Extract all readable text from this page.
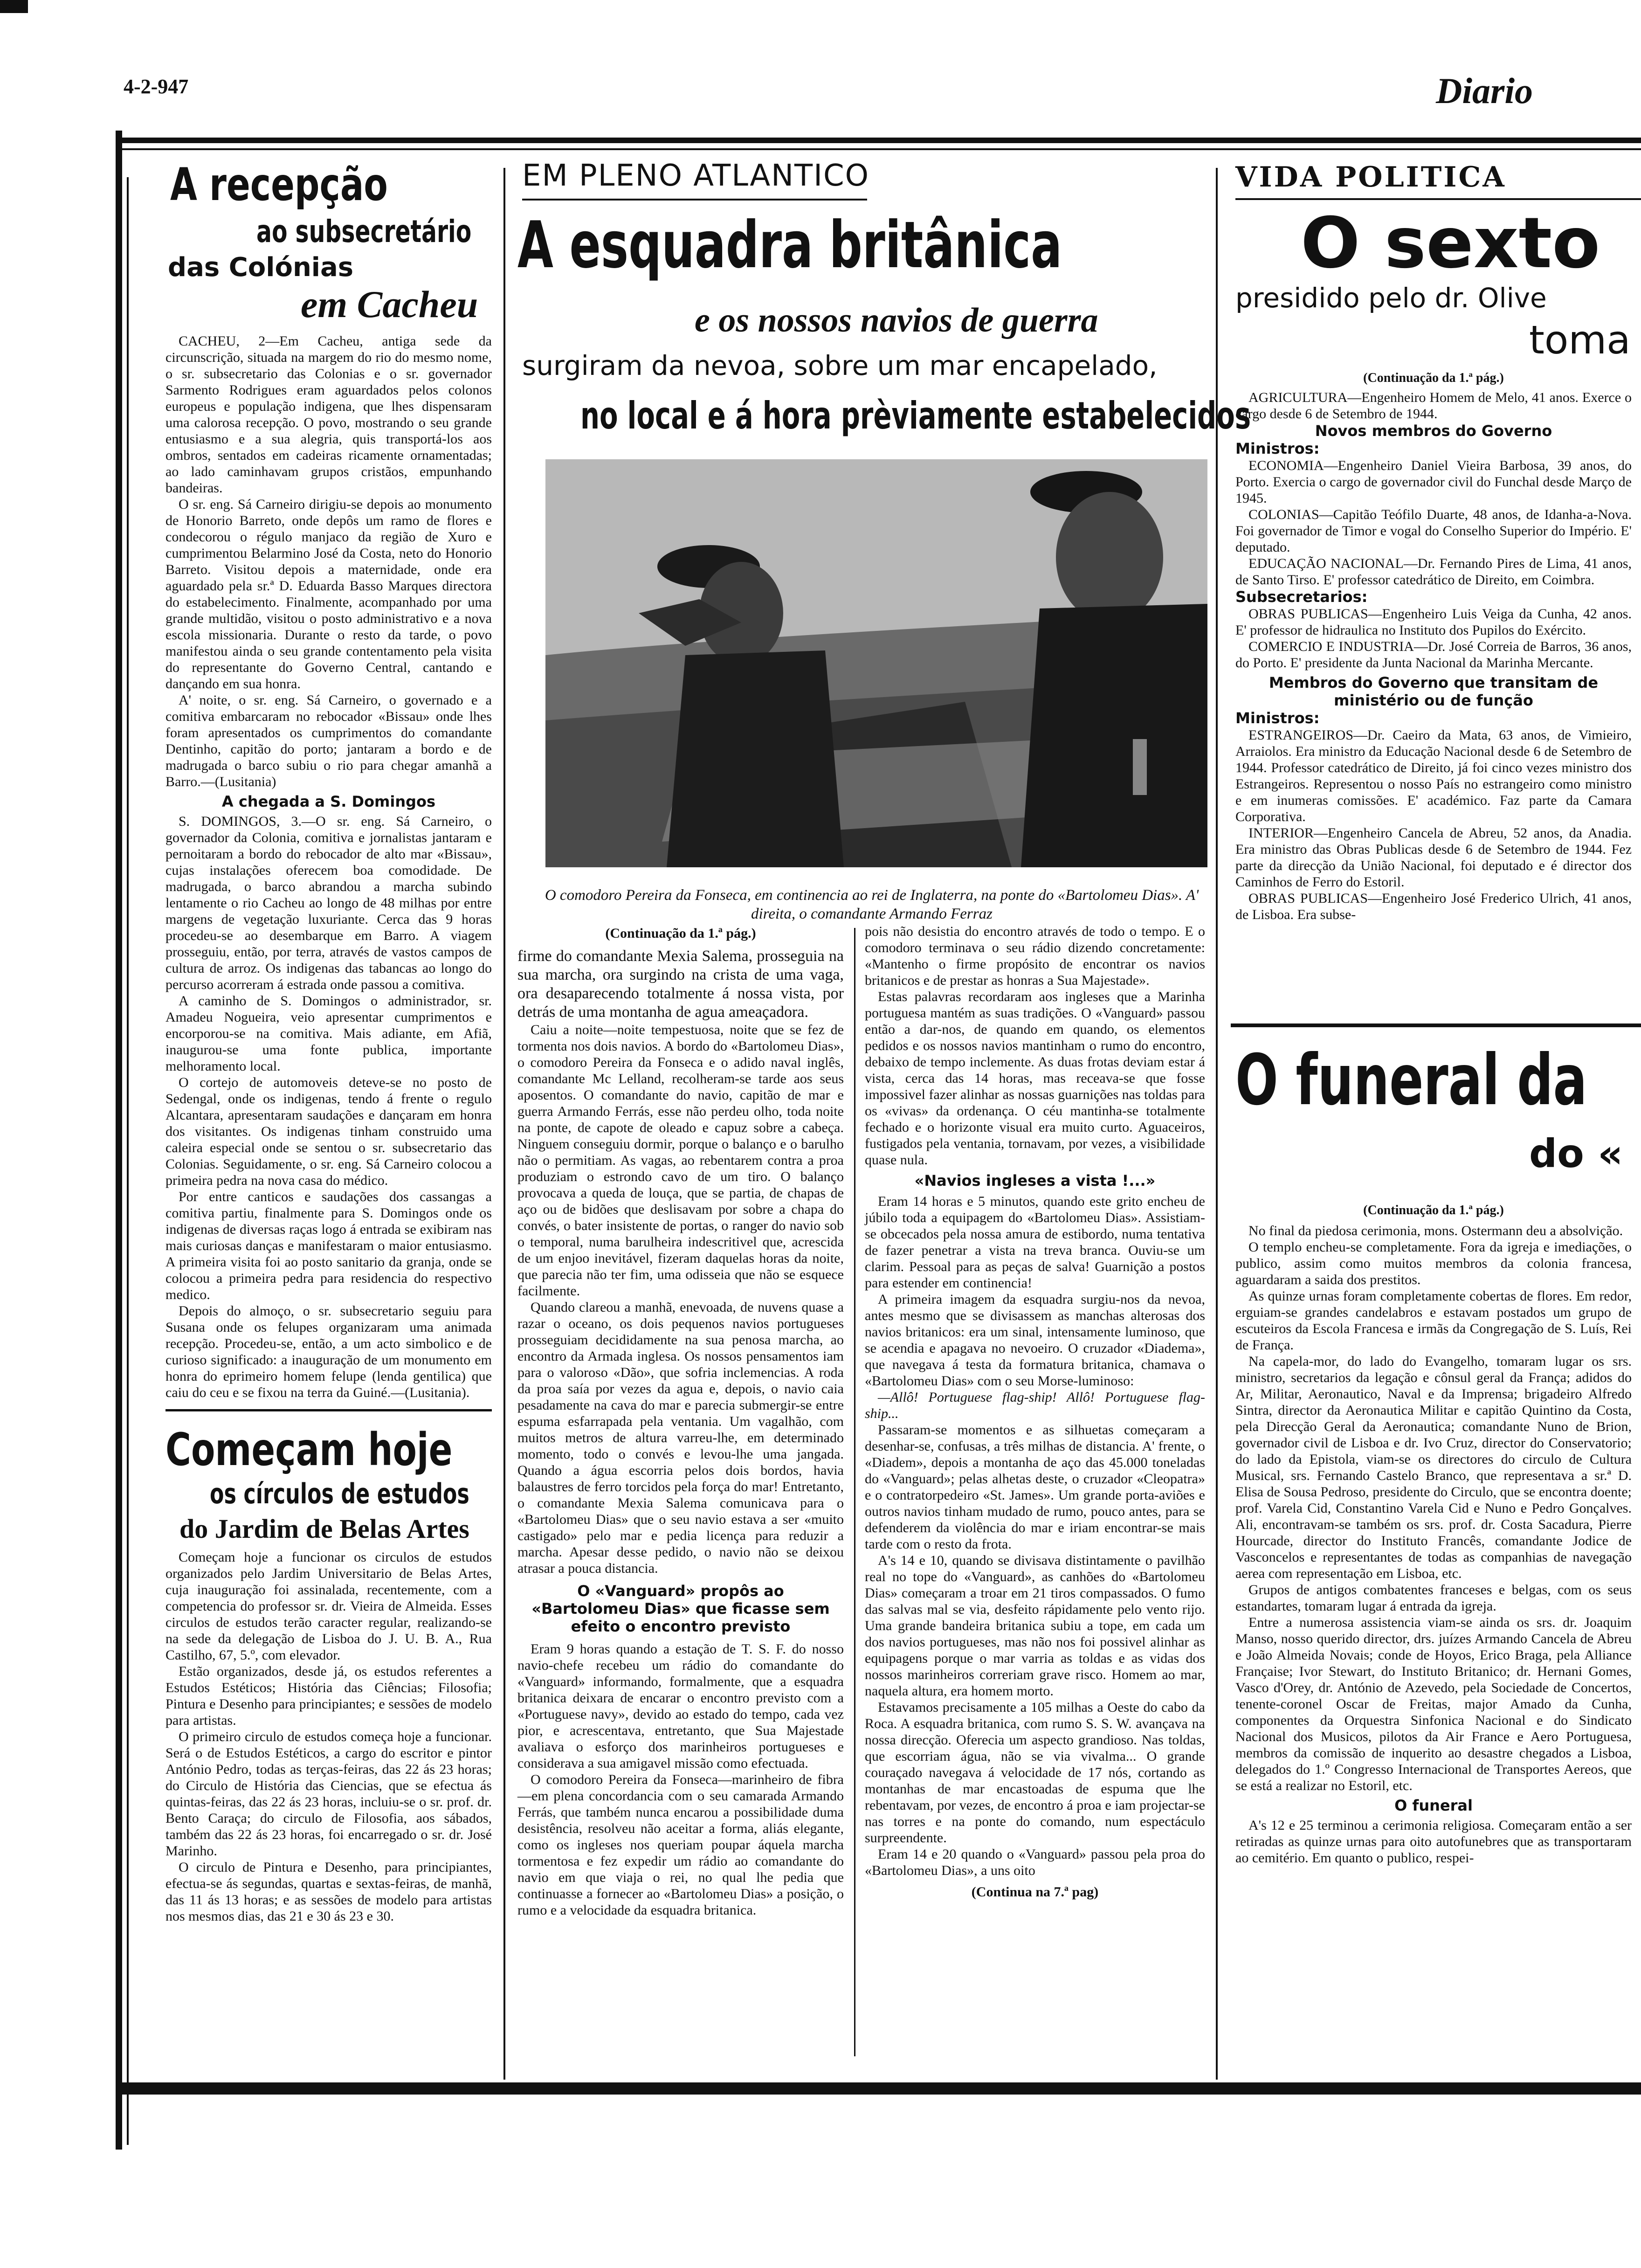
4-2-947	Diario
A recepção
ao subsecretário
das Colónias
em Cacheu

CACHEU, 2—Em Cacheu, antiga sede da circunscrição, situada na margem do rio do mesmo nome, o sr. subsecretario das Colonias e o sr. governador Sarmento Rodrigues eram aguardados pelos colonos europeus e população indigena, que lhes dispensaram uma calorosa recepção. O povo, mostrando o seu grande entusiasmo e a sua alegria, quis transportá-los aos ombros, sentados em cadeiras ricamente ornamentadas; ao lado caminhavam grupos cristãos, empunhando bandeiras.

O sr. eng. Sá Carneiro dirigiu-se depois ao monumento de Honorio Barreto, onde depôs um ramo de flores e condecorou o régulo manjaco da região de Xuro e cumprimentou Belarmino José da Costa, neto do Honorio Barreto. Visitou depois a maternidade, onde era aguardado pela sr.ª D. Eduarda Basso Marques directora do estabelecimento. Finalmente, acompanhado por uma grande multidão, visitou o posto administrativo e a nova escola missionaria. Durante o resto da tarde, o povo manifestou ainda o seu grande contentamento pela visita do representante do Governo Central, cantando e dançando em sua honra.

A' noite, o sr. eng. Sá Carneiro, o governado e a comitiva embarcaram no rebocador «Bissau» onde lhes foram apresentados os cumprimentos do comandante Dentinho, capitão do porto; jantaram a bordo e de madrugada o barco subiu o rio para chegar amanhã a Barro.—(Lusitania)

A chegada a S. Domingos

S. DOMINGOS, 3.—O sr. eng. Sá Carneiro, o governador da Colonia, comitiva e jornalistas jantaram e pernoitaram a bordo do rebocador de alto mar «Bissau», cujas instalações oferecem boa comodidade. De madrugada, o barco abrandou a marcha subindo lentamente o rio Cacheu ao longo de 48 milhas por entre margens de vegetação luxuriante. Cerca das 9 horas procedeu-se ao desembarque em Barro. A viagem prosseguiu, então, por terra, através de vastos campos de cultura de arroz. Os indigenas das tabancas ao longo do percurso acorreram á estrada onde passou a comitiva.

A caminho de S. Domingos o administrador, sr. Amadeu Nogueira, veio apresentar cumprimentos e encorporou-se na comitiva. Mais adiante, em Afiã, inaugurou-se uma fonte publica, importante melhoramento local.

O cortejo de automoveis deteve-se no posto de Sedengal, onde os indigenas, tendo á frente o regulo Alcantara, apresentaram saudações e dançaram em honra dos visitantes. Os indigenas tinham construido uma caleira especial onde se sentou o sr. subsecretario das Colonias. Seguidamente, o sr. eng. Sá Carneiro colocou a primeira pedra na nova casa do médico.

Por entre canticos e saudações dos cassangas a comitiva partiu, finalmente para S. Domingos onde os indigenas de diversas raças logo á entrada se exibiram nas mais curiosas danças e manifestaram o maior entusiasmo. A primeira visita foi ao posto sanitario da granja, onde se colocou a primeira pedra para residencia do respectivo medico.

Depois do almoço, o sr. subsecretario seguiu para Susana onde os felupes organizaram uma animada recepção. Procedeu-se, então, a um acto simbolico e de curioso significado: a inauguração de um monumento em honra do eprimeiro homem felupe (lenda gentilica) que caiu do ceu e se fixou na terra da Guiné.—(Lusitania).

Começam hoje
os círculos de estudos
do Jardim de Belas Artes

Começam hoje a funcionar os circulos de estudos organizados pelo Jardim Universitario de Belas Artes, cuja inauguração foi assinalada, recentemente, com a competencia do professor sr. dr. Vieira de Almeida. Esses circulos de estudos terão caracter regular, realizando-se na sede da delegação de Lisboa do J. U. B. A., Rua Castilho, 67, 5.º, com elevador.

Estão organizados, desde já, os estudos referentes a Estudos Estéticos; História das Ciências; Filosofia; Pintura e Desenho para principiantes; e sessões de modelo para artistas.

O primeiro circulo de estudos começa hoje a funcionar. Será o de Estudos Estéticos, a cargo do escritor e pintor António Pedro, todas as terças-feiras, das 22 ás 23 horas; do Circulo de História das Ciencias, que se efectua ás quintas-feiras, das 22 ás 23 horas, incluiu-se o sr. prof. dr. Bento Caraça; do circulo de Filosofia, aos sábados, também das 22 ás 23 horas, foi encarregado o sr. dr. José Marinho.

O circulo de Pintura e Desenho, para principiantes, efectua-se ás segundas, quartas e sextas-feiras, de manhã, das 11 ás 13 horas; e as sessões de modelo para artistas nos mesmos dias, das 21 e 30 ás 23 e 30.

EM PLENO ATLANTICO
A esquadra britânica
e os nossos navios de guerra
surgiram da nevoa, sobre um mar encapelado,
no local e á hora prèviamente estabelecidos
O comodoro Pereira da Fonseca, em continencia ao rei de Inglaterra, na ponte do «Bartolomeu Dias». A' direita, o comandante Armando Ferraz
(Continuação da 1.ª pág.)

firme do comandante Mexia Salema, prosseguia na sua marcha, ora surgindo na crista de uma vaga, ora desaparecendo totalmente á nossa vista, por detrás de uma montanha de agua ameaçadora.

Caiu a noite—noite tempestuosa, noite que se fez de tormenta nos dois navios. A bordo do «Bartolomeu Dias», o comodoro Pereira da Fonseca e o adido naval inglês, comandante Mc Lelland, recolheram-se tarde aos seus aposentos. O comandante do navio, capitão de mar e guerra Armando Ferrás, esse não perdeu olho, toda noite na ponte, de capote de oleado e capuz sobre a cabeça. Ninguem conseguiu dormir, porque o balanço e o barulho não o permitiam. As vagas, ao rebentarem contra a proa produziam o estrondo cavo de um tiro. O balanço provocava a queda de louça, que se partia, de chapas de aço ou de bidões que deslisavam por sobre a chapa do convés, o bater insistente de portas, o ranger do navio sob o temporal, numa barulheira indescritivel que, acrescida de um enjoo inevitável, fizeram daquelas horas da noite, que parecia não ter fim, uma odisseia que não se esquece facilmente.

Quando clareou a manhã, enevoada, de nuvens quase a razar o oceano, os dois pequenos navios portugueses prosseguiam decididamente na sua penosa marcha, ao encontro da Armada inglesa. Os nossos pensamentos iam para o valoroso «Dão», que sofria inclemencias. A roda da proa saía por vezes da agua e, depois, o navio caia pesadamente na cava do mar e parecia submergir-se entre espuma esfarrapada pela ventania. Um vagalhão, com muitos metros de altura varreu-lhe, em determinado momento, todo o convés e levou-lhe uma jangada. Quando a água escorria pelos dois bordos, havia balaustres de ferro torcidos pela força do mar! Entretanto, o comandante Mexia Salema comunicava para o «Bartolomeu Dias» que o seu navio estava a ser «muito castigado» pelo mar e pedia licença para reduzir a marcha. Apesar desse pedido, o navio não se deixou atrasar a pouca distancia.

O «Vanguard» propôs ao «Bartolomeu Dias» que ficasse sem efeito o encontro previsto

Eram 9 horas quando a estação de T. S. F. do nosso navio-chefe recebeu um rádio do comandante do «Vanguard» informando, formalmente, que a esquadra britanica deixara de encarar o encontro previsto com a «Portuguese navy», devido ao estado do tempo, cada vez pior, e acrescentava, entretanto, que Sua Majestade avaliava o esforço dos marinheiros portugueses e considerava a sua amigavel missão como efectuada.

O comodoro Pereira da Fonseca—marinheiro de fibra—em plena concordancia com o seu camarada Armando Ferrás, que também nunca encarou a possibilidade duma desistência, resolveu não aceitar a forma, aliás elegante, como os ingleses nos queriam poupar áquela marcha tormentosa e fez expedir um rádio ao comandante do navio em que viaja o rei, no qual lhe pedia que continuasse a fornecer ao «Bartolomeu Dias» a posição, o rumo e a velocidade da esquadra britanica.

pois não desistia do encontro através de todo o tempo. E o comodoro terminava o seu rádio dizendo concretamente: «Mantenho o firme propósito de encontrar os navios britanicos e de prestar as honras a Sua Majestade».

Estas palavras recordaram aos ingleses que a Marinha portuguesa mantém as suas tradições. O «Vanguard» passou então a dar-nos, de quando em quando, os elementos pedidos e os nossos navios mantinham o rumo do encontro, debaixo de tempo inclemente. As duas frotas deviam estar á vista, cerca das 14 horas, mas receava-se que fosse impossivel fazer alinhar as nossas guarnições nas toldas para os «vivas» da ordenança. O céu mantinha-se totalmente fechado e o horizonte visual era muito curto. Aguaceiros, fustigados pela ventania, tornavam, por vezes, a visibilidade quase nula.

«Navios ingleses a vista !...»

Eram 14 horas e 5 minutos, quando este grito encheu de júbilo toda a equipagem do «Bartolomeu Dias». Assistiam-se obcecados pela nossa amura de estibordo, numa tentativa de fazer penetrar a vista na treva branca. Ouviu-se um clarim. Pessoal para as peças de salva! Guarnição a postos para estender em continencia!

A primeira imagem da esquadra surgiu-nos da nevoa, antes mesmo que se divisassem as manchas alterosas dos navios britanicos: era um sinal, intensamente luminoso, que se acendia e apagava no nevoeiro. O cruzador «Diadema», que navegava á testa da formatura britanica, chamava o «Bartolomeu Dias» com o seu Morse-luminoso:

—Allô! Portuguese flag-ship! Allô! Portuguese flag-ship...

Passaram-se momentos e as silhuetas começaram a desenhar-se, confusas, a três milhas de distancia. A' frente, o «Diadem», depois a montanha de aço das 45.000 toneladas do «Vanguard»; pelas alhetas deste, o cruzador «Cleopatra» e o contratorpedeiro «St. James». Um grande porta-aviões e outros navios tinham mudado de rumo, pouco antes, para se defenderem da violência do mar e iriam encontrar-se mais tarde com o resto da frota.

A's 14 e 10, quando se divisava distintamente o pavilhão real no tope do «Vanguard», as canhões do «Bartolomeu Dias» começaram a troar em 21 tiros compassados. O fumo das salvas mal se via, desfeito rápidamente pelo vento rijo. Uma grande bandeira britanica subiu a tope, em cada um dos navios portugueses, mas não nos foi possivel alinhar as equipagens porque o mar varria as toldas e as vidas dos nossos marinheiros correriam grave risco. Homem ao mar, naquela altura, era homem morto.

Estavamos precisamente a 105 milhas a Oeste do cabo da Roca. A esquadra britanica, com rumo S. S. W. avançava na nossa direcção. Oferecia um aspecto grandioso. Nas toldas, que escorriam água, não se via vivalma... O grande couraçado navegava á velocidade de 17 nós, cortando as montanhas de mar encastoadas de espuma que lhe rebentavam, por vezes, de encontro á proa e iam projectar-se nas torres e na ponte do comando, num espectáculo surpreendente.

Eram 14 e 20 quando o «Vanguard» passou pela proa do «Bartolomeu Dias», a uns oito

(Continua na 7.ª pag)
VIDA POLITICA
O sexto
presidido pelo dr. Olive
toma
(Continuação da 1.ª pág.)

AGRICULTURA—Engenheiro Homem de Melo, 41 anos. Exerce o cargo desde 6 de Setembro de 1944.

Novos membros do Governo
Ministros:

ECONOMIA—Engenheiro Daniel Vieira Barbosa, 39 anos, do Porto. Exercia o cargo de governador civil do Funchal desde Março de 1945.

COLONIAS—Capitão Teófilo Duarte, 48 anos, de Idanha-a-Nova. Foi governador de Timor e vogal do Conselho Superior do Império. E' deputado.

EDUCAÇÃO NACIONAL—Dr. Fernando Pires de Lima, 41 anos, de Santo Tirso. E' professor catedrático de Direito, em Coimbra.

Subsecretarios:

OBRAS PUBLICAS—Engenheiro Luis Veiga da Cunha, 42 anos. E' professor de hidraulica no Instituto dos Pupilos do Exército.

COMERCIO E INDUSTRIA—Dr. José Correia de Barros, 36 anos, do Porto. E' presidente da Junta Nacional da Marinha Mercante.

Membros do Governo que transitam de ministério ou de função
Ministros:

ESTRANGEIROS—Dr. Caeiro da Mata, 63 anos, de Vimieiro, Arraiolos. Era ministro da Educação Nacional desde 6 de Setembro de 1944. Professor catedrático de Direito, já foi cinco vezes ministro dos Estrangeiros. Representou o nosso País no estrangeiro como ministro e em inumeras comissões. E' académico. Faz parte da Camara Corporativa.

INTERIOR—Engenheiro Cancela de Abreu, 52 anos, da Anadia. Era ministro das Obras Publicas desde 6 de Setembro de 1944. Fez parte da direcção da União Nacional, foi deputado e é director dos Caminhos de Ferro do Estoril.

OBRAS PUBLICAS—Engenheiro José Frederico Ulrich, 41 anos, de Lisboa. Era subse-

O funeral da
do «
(Continuação da 1.ª pág.)

No final da piedosa cerimonia, mons. Ostermann deu a absolvição.

O templo encheu-se completamente. Fora da igreja e imediações, o publico, assim como muitos membros da colonia francesa, aguardaram a saida dos prestitos.

As quinze urnas foram completamente cobertas de flores. Em redor, erguiam-se grandes candelabros e estavam postados um grupo de escuteiros da Escola Francesa e irmãs da Congregação de S. Luís, Rei de França.

Na capela-mor, do lado do Evangelho, tomaram lugar os srs. ministro, secretarios da legação e cônsul geral da França; adidos do Ar, Militar, Aeronautico, Naval e da Imprensa; brigadeiro Alfredo Sintra, director da Aeronautica Militar e capitão Quintino da Costa, pela Direcção Geral da Aeronautica; comandante Nuno de Brion, governador civil de Lisboa e dr. Ivo Cruz, director do Conservatorio; do lado da Epistola, viam-se os directores do circulo de Cultura Musical, srs. Fernando Castelo Branco, que representava a sr.ª D. Elisa de Sousa Pedroso, presidente do Circulo, que se encontra doente; prof. Varela Cid, Constantino Varela Cid e Nuno e Pedro Gonçalves. Ali, encontravam-se também os srs. prof. dr. Costa Sacadura, Pierre Hourcade, director do Instituto Francês, comandante Jodice de Vasconcelos e representantes de todas as companhias de navegação aerea com representação em Lisboa, etc.

Grupos de antigos combatentes franceses e belgas, com os seus estandartes, tomaram lugar á entrada da igreja.

Entre a numerosa assistencia viam-se ainda os srs. dr. Joaquim Manso, nosso querido director, drs. juízes Armando Cancela de Abreu e João Almeida Novais; conde de Hoyos, Erico Braga, pela Alliance Française; Ivor Stewart, do Instituto Britanico; dr. Hernani Gomes, Vasco d'Orey, dr. António de Azevedo, pela Sociedade de Concertos, tenente-coronel Oscar de Freitas, major Amado da Cunha, componentes da Orquestra Sinfonica Nacional e do Sindicato Nacional dos Musicos, pilotos da Air France e Aero Portuguesa, membros da comissão de inquerito ao desastre chegados a Lisboa, delegados do 1.º Congresso Internacional de Transportes Aereos, que se está a realizar no Estoril, etc.

O funeral

A's 12 e 25 terminou a cerimonia religiosa. Começaram então a ser retiradas as quinze urnas para oito autofunebres que as transportaram ao cemitério. Em quanto o publico, respei-
